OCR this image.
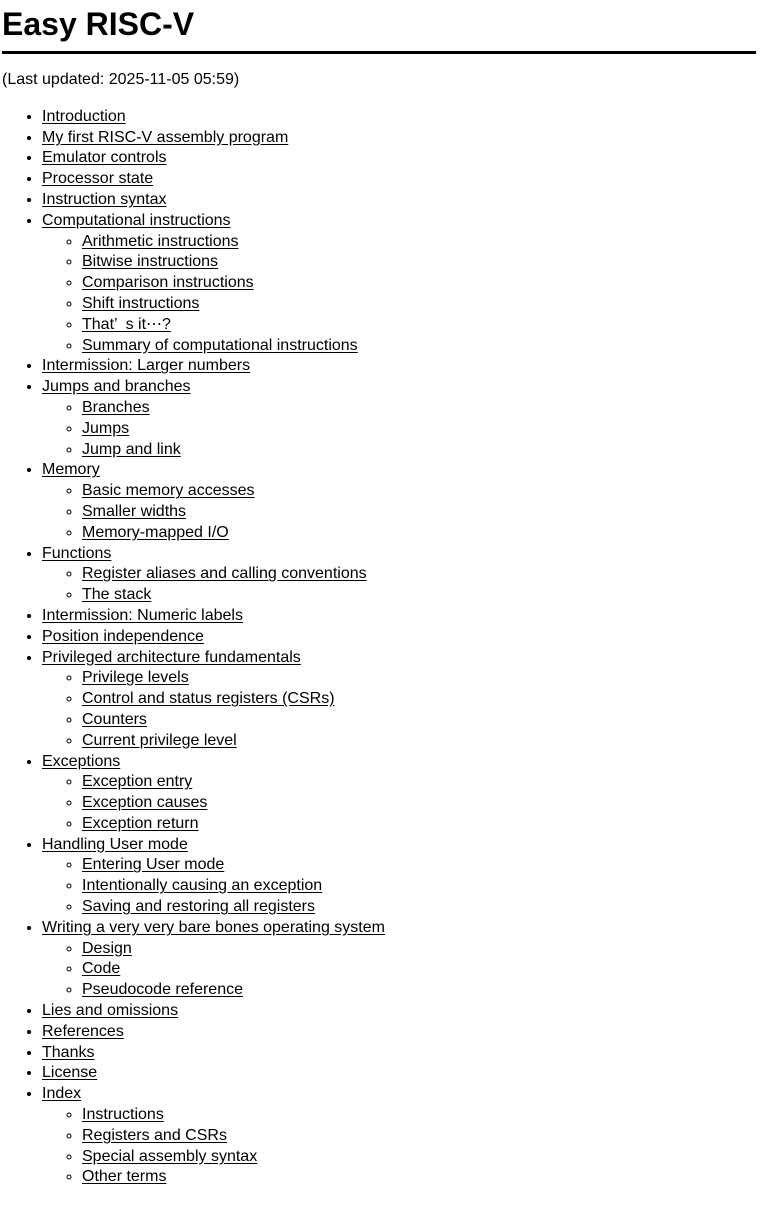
Easy RISC-V

(Last updated: 2025-11-05 05:59)

• Introduction
• My first RISC-V assembly program
• Emulator controls
• Processor state
• Instruction syntax
• Computational instructions
◦ Arithmetic instructions
◦ Bitwise instructions
◦ Comparison instructions
◦ Shift instructions
◦ That’ s it⋯?
◦ Summary of computational instructions
• Intermission: Larger numbers
• Jumps and branches
◦ Branches
◦ Jumps
◦ Jump and link
• Memory
◦ Basic memory accesses
◦ Smaller widths
◦ Memory-mapped I/O
• Functions
◦ Register aliases and calling conventions
◦ The stack
• Intermission: Numeric labels
• Position independence
• Privileged architecture fundamentals
◦ Privilege levels
◦ Control and status registers (CSRs)
◦ Counters
◦ Current privilege level
• Exceptions
◦ Exception entry
◦ Exception causes
◦ Exception return
• Handling User mode
◦ Entering User mode
◦ Intentionally causing an exception
◦ Saving and restoring all registers
• Writing a very very bare bones operating system
◦ Design
◦ Code
◦ Pseudocode reference
• Lies and omissions
• References
• Thanks
• License
• Index
◦ Instructions
◦ Registers and CSRs
◦ Special assembly syntax
◦ Other terms
